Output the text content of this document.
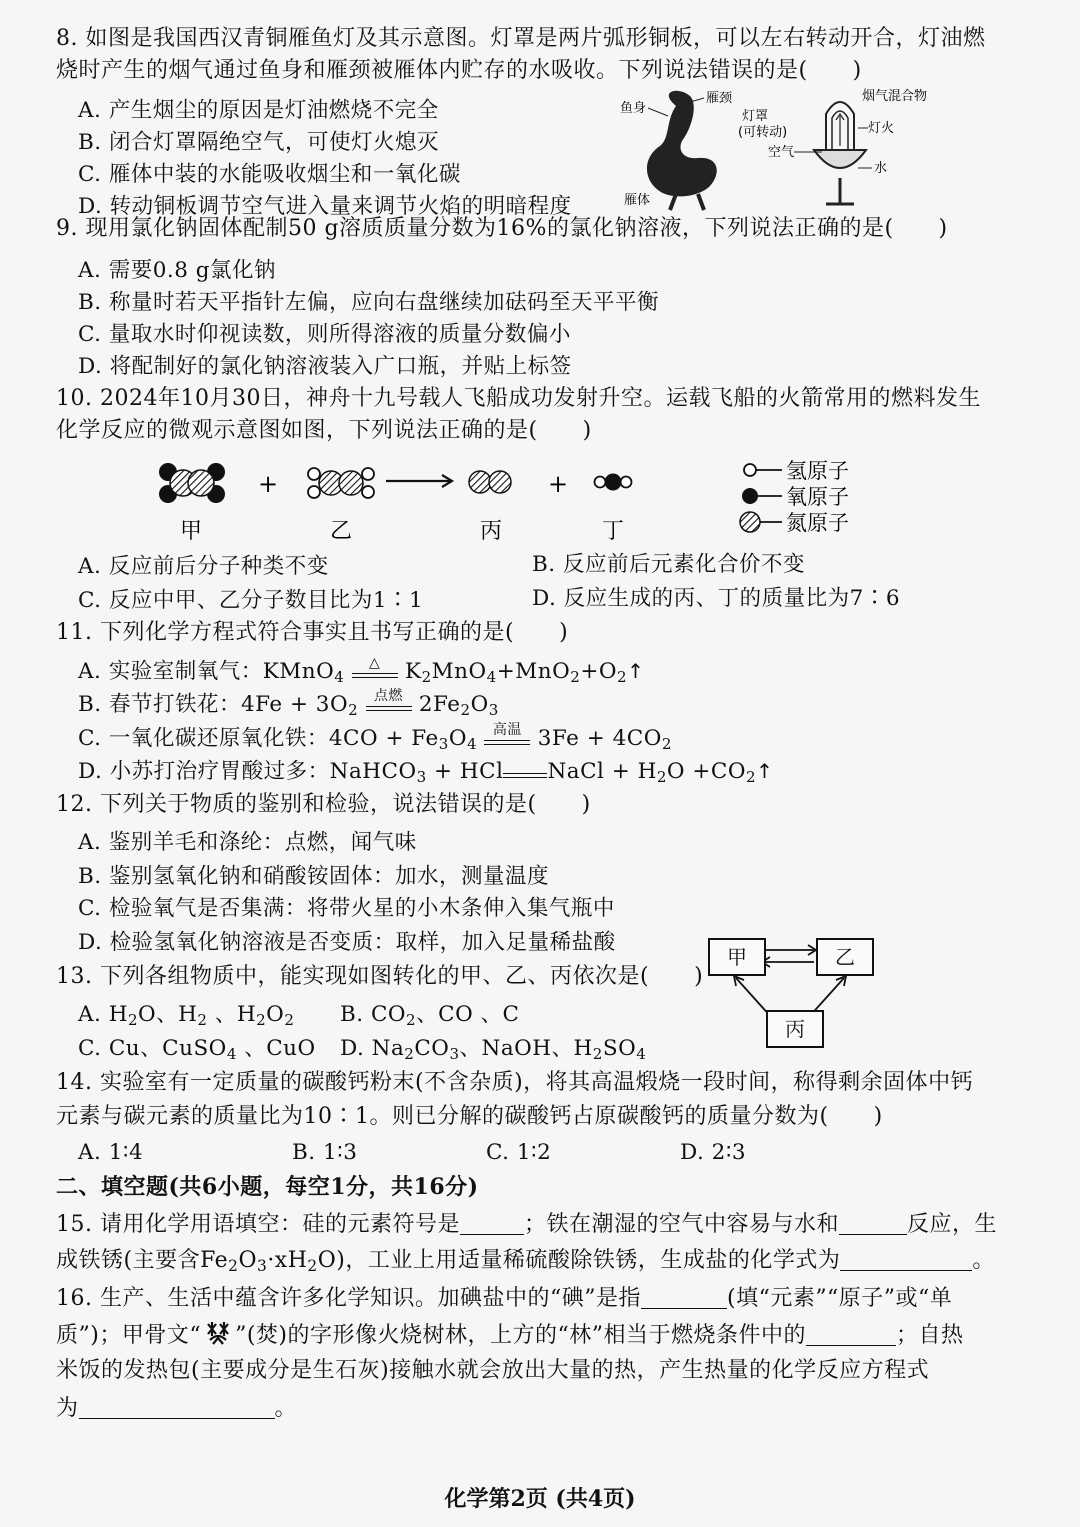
8. 如图是我国西汉青铜雁鱼灯及其示意图。灯罩是两片弧形铜板，可以左右转动开合，灯油燃
烧时产生的烟气通过鱼身和雁颈被雁体内贮存的水吸收。下列说法错误的是(　　)
A. 产生烟尘的原因是灯油燃烧不完全
B. 闭合灯罩隔绝空气，可使灯火熄灭
C. 雁体中装的水能吸收烟尘和一氧化碳
D. 转动铜板调节空气进入量来调节火焰的明暗程度
鱼身
雁颈
雁体
灯罩
(可转动)
空气
烟气混合物
灯火
水
9. 现用氯化钠固体配制50 g溶质质量分数为16%的氯化钠溶液，下列说法正确的是(　　)
A. 需要0.8 g氯化钠
B. 称量时若天平指针左偏，应向右盘继续加砝码至天平平衡
C. 量取水时仰视读数，则所得溶液的质量分数偏小
D. 将配制好的氯化钠溶液装入广口瓶，并贴上标签
10. 2024年10月30日，神舟十九号载人飞船成功发射升空。运载飞船的火箭常用的燃料发生
化学反应的微观示意图如图，下列说法正确的是(　　)
+	+
甲	乙	丙	丁
氢原子
氧原子
氮原子
A. 反应前后分子种类不变	B. 反应前后元素化合价不变
C. 反应中甲、乙分子数目比为1∶1	D. 反应生成的丙、丁的质量比为7∶6
11. 下列化学方程式符合事实且书写正确的是(　　)
A. 实验室制氧气：KMnO$_4$
△	$K_2MnO_4+MnO_2+O_2↑$
B. 春节打铁花：$4Fe + 3O_2$
点燃 $2Fe_2O_3$
C. 一氧化碳还原氧化铁：$4CO + Fe_3O_4$
高温 $3Fe + 4CO_2$
D. 小苏打治疗胃酸过多：NaHCO$_3$ + HCl NaCl + $H_2O$ $+CO_2↑$
12. 下列关于物质的鉴别和检验，说法错误的是(　　)
A. 鉴别羊毛和涤纶：点燃，闻气味
B. 鉴别氢氧化钠和硝酸铵固体：加水，测量温度
C. 检验氧气是否集满：将带火星的小木条伸入集气瓶中
D. 检验氢氧化钠溶液是否变质：取样，加入足量稀盐酸
甲	乙
丙
13. 下列各组物质中，能实现如图转化的甲、乙、丙依次是(　　)
A. $H_2O$、$H_2$ 、$H_2O_2$ B. $CO_2$、CO 、C
C. Cu、CuSO$_4$ 、CuO D. $Na_2CO_3$、NaOH、$H_2SO_4$
14. 实验室有一定质量的碳酸钙粉末(不含杂质)，将其高温煅烧一段时间，称得剩余固体中钙
元素与碳元素的质量比为10∶1。则已分解的碳酸钙占原碳酸钙的质量分数为(　　)
A. 1∶4	B. 1∶3	C. 1∶2	D. 2∶3
二、填空题(共6小题，每空1分，共16分)
15. 请用化学用语填空：硅的元素符号是	；铁在潮湿的空气中容易与水和	反应，生
成铁锈(主要含$Fe_2O_3\cdot xH_2O$)，工业上用适量稀硫酸除铁锈，生成盐的化学式为	。
16. 生产、生活中蕴含许多化学知识。加碘盐中的“碘”是指	(填“元素”“原子”或“单
质”)；甲骨文“ ”(焚)的字形像火烧树林，上方的“林”相当于燃烧条件中的	；自热
米饭的发热包(主要成分是生石灰)接触水就会放出大量的热，产生热量的化学反应方程式
为	。
化学第2页 (共4页)
